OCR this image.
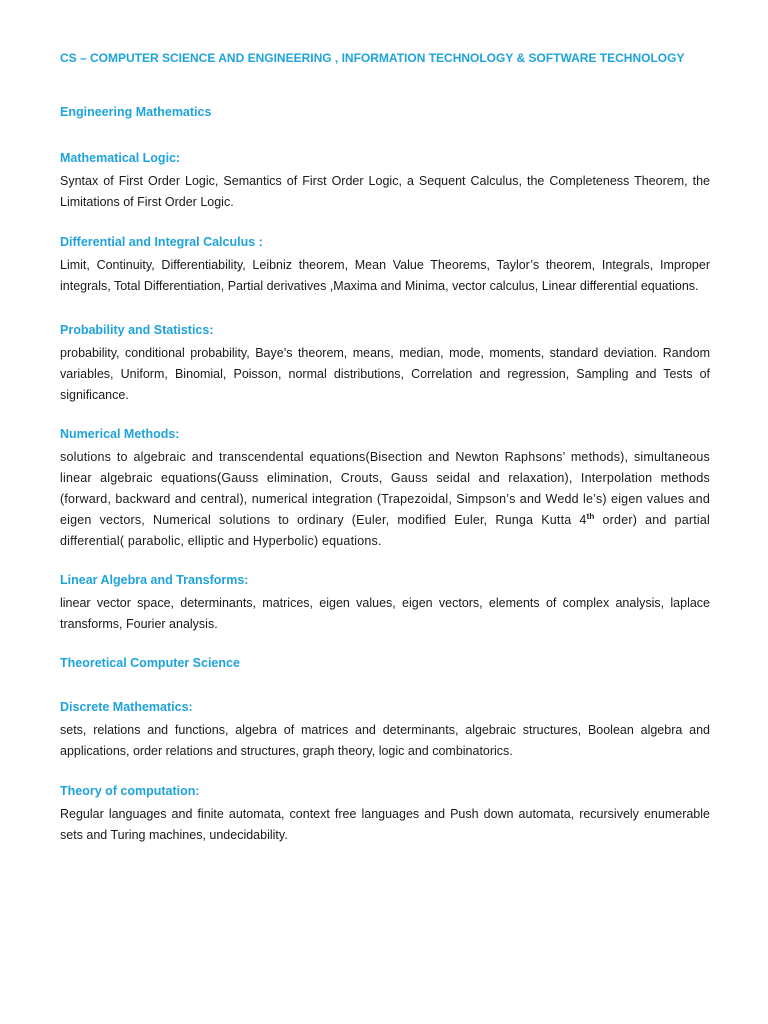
CS – COMPUTER SCIENCE AND ENGINEERING , INFORMATION TECHNOLOGY & SOFTWARE TECHNOLOGY
Engineering Mathematics
Mathematical Logic:

Syntax of First Order Logic, Semantics of First Order Logic, a Sequent Calculus, the Completeness Theorem, the Limitations of First Order Logic.

Differential and Integral Calculus :

Limit, Continuity, Differentiability, Leibniz theorem, Mean Value Theorems, Taylor’s theorem, Integrals, Improper integrals, Total Differentiation, Partial derivatives ,Maxima and Minima, vector calculus, Linear differential equations.

Probability and Statistics:

probability, conditional probability, Baye’s theorem, means, median, mode, moments, standard deviation. Random variables, Uniform, Binomial, Poisson, normal distributions, Correlation and regression, Sampling and Tests of significance.

Numerical Methods:

solutions to algebraic and transcendental equations(Bisection and Newton Raphsons’ methods), simultaneous linear algebraic equations(Gauss elimination, Crouts, Gauss seidal and relaxation), Interpolation methods (forward, backward and central), numerical integration (Trapezoidal, Simpson’s and Wedd le’s) eigen values and eigen vectors, Numerical solutions to ordinary (Euler, modified Euler, Runga Kutta 4th order) and partial differential( parabolic, elliptic and Hyperbolic) equations.

Linear Algebra and Transforms:

linear vector space, determinants, matrices, eigen values, eigen vectors, elements of complex analysis, laplace transforms, Fourier analysis.

Theoretical Computer Science
Discrete Mathematics:

sets, relations and functions, algebra of matrices and determinants, algebraic structures, Boolean algebra and applications, order relations and structures, graph theory, logic and combinatorics.

Theory of computation:

Regular languages and finite automata, context free languages and Push down automata, recursively enumerable sets and Turing machines, undecidability.
